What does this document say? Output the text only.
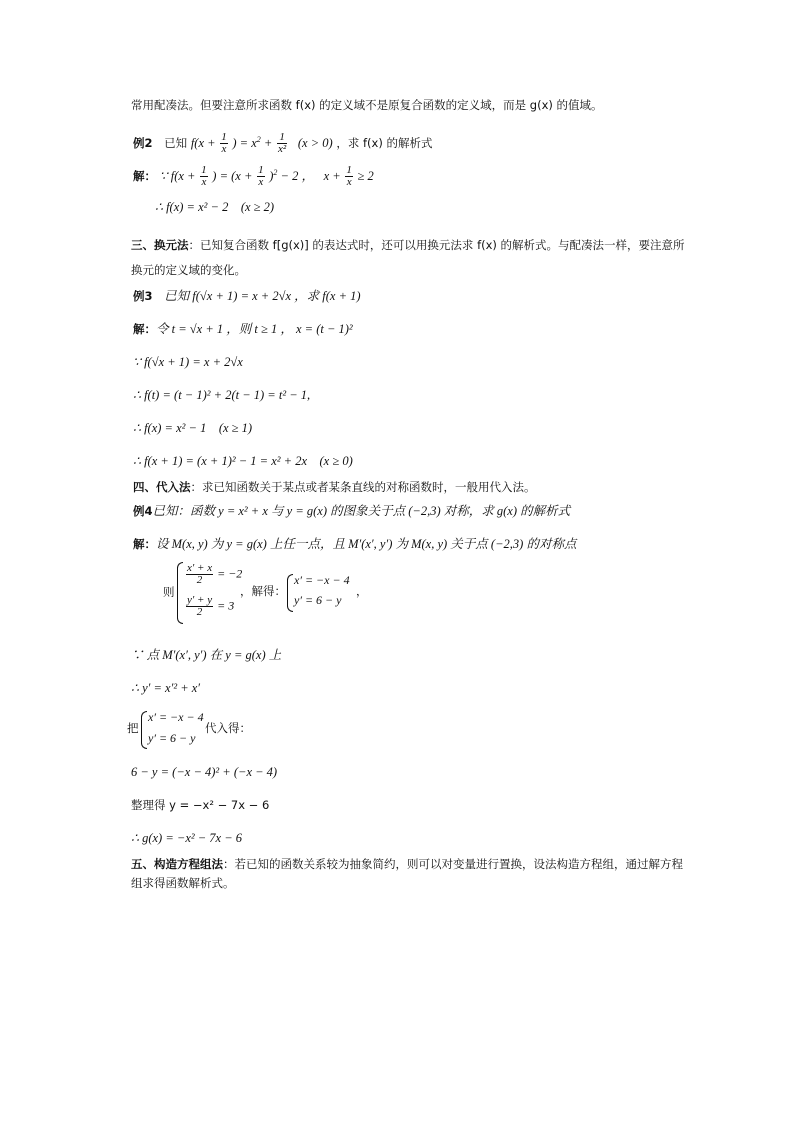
常用配凑法。但要注意所求函数 f(x) 的定义域不是原复合函数的定义域，而是 g(x) 的值域。
例2 已知 $f(x + \frac{1}{x}$ ) = $x^2 + \frac{1}{\text{x²}} (x > 0)$ ，求 f(x) 的解析式
解： ∵ $f(x + \frac{1}{x}$ ) = $(x + \frac{1}{x} )^2 - 2$ ， $x + \frac{1}{x} \ge 2$
∴ f(x) = x² − 2　(x ≥ 2)
三、换元法：已知复合函数 f[g(x)] 的表达式时，还可以用换元法求 f(x) 的解析式。与配凑法一样，要注意所
换元的定义域的变化。
例3 已知 f(√x + 1) = x + 2√x ，求 f(x + 1)
解：令 t = √x + 1 ，则 t ≥ 1 ， x = (t − 1)²
∵ f(√x + 1) = x + 2√x
∴ f(t) = (t − 1)² + 2(t − 1) = t² − 1,
∴ f(x) = x² − 1　(x ≥ 1)
∴ f(x + 1) = (x + 1)² − 1 = x² + 2x　(x ≥ 0)
四、代入法：求已知函数关于某点或者某条直线的对称函数时，一般用代入法。
例4已知：函数 y = x² + x 与 y = g(x) 的图象关于点 (−2,3) 对称，求 g(x) 的解析式
解：设 M(x, y) 为 y = g(x) 上任一点，且 M′(x′, y′) 为 M(x, y) 关于点 (−2,3) 的对称点
则
$\frac{x' + x}{2} = -2$
$\frac{y' + y}{2} = 3$
，解得：
x′ = −x − 4
y′ = 6 − y
，
∵ 点 M′(x′, y′) 在 y = g(x) 上
∴ y′ = x′² + x′
把
x′ = −x − 4
y′ = 6 − y
代入得：
6 − y = (−x − 4)² + (−x − 4)
整理得 y = −x² − 7x − 6
∴ g(x) = −x² − 7x − 6
五、构造方程组法：若已知的函数关系较为抽象简约，则可以对变量进行置换，设法构造方程组，通过解方程
组求得函数解析式。
